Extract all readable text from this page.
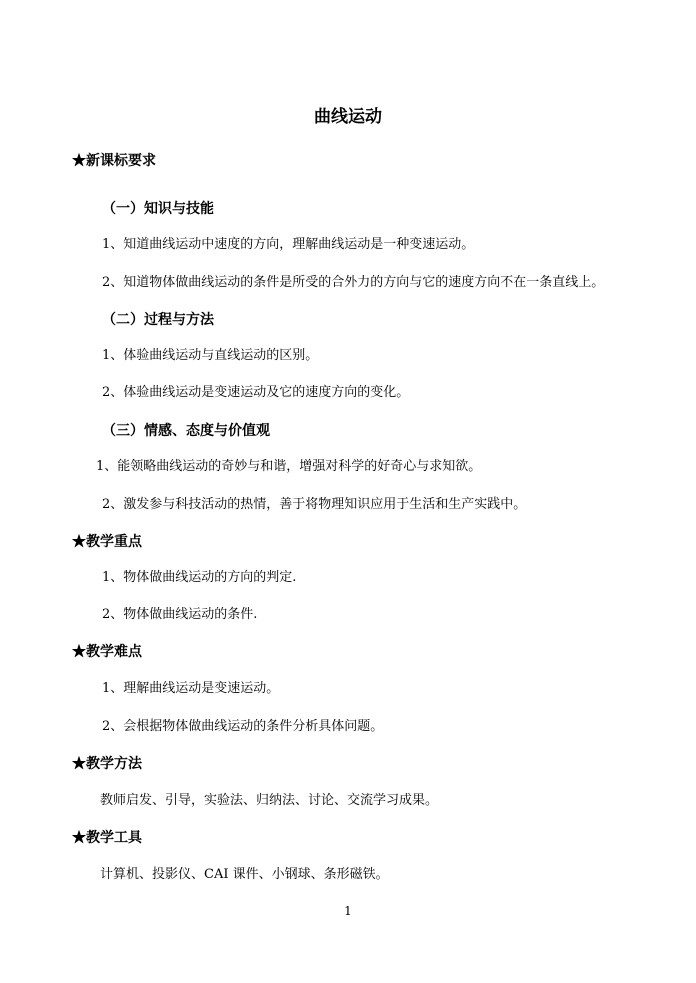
曲线运动
★新课标要求
（一）知识与技能
1、知道曲线运动中速度的方向，理解曲线运动是一种变速运动。
2、知道物体做曲线运动的条件是所受的合外力的方向与它的速度方向不在一条直线上。
（二）过程与方法
1、体验曲线运动与直线运动的区别。
2、体验曲线运动是变速运动及它的速度方向的变化。
（三）情感、态度与价值观
1、能领略曲线运动的奇妙与和谐，增强对科学的好奇心与求知欲。
2、激发参与科技活动的热情，善于将物理知识应用于生活和生产实践中。
★教学重点
1、物体做曲线运动的方向的判定.
2、物体做曲线运动的条件.
★教学难点
1、理解曲线运动是变速运动。
2、会根据物体做曲线运动的条件分析具体问题。
★教学方法
教师启发、引导，实验法、归纳法、讨论、交流学习成果。
★教学工具
计算机、投影仪、CAI 课件、小钢球、条形磁铁。
1
